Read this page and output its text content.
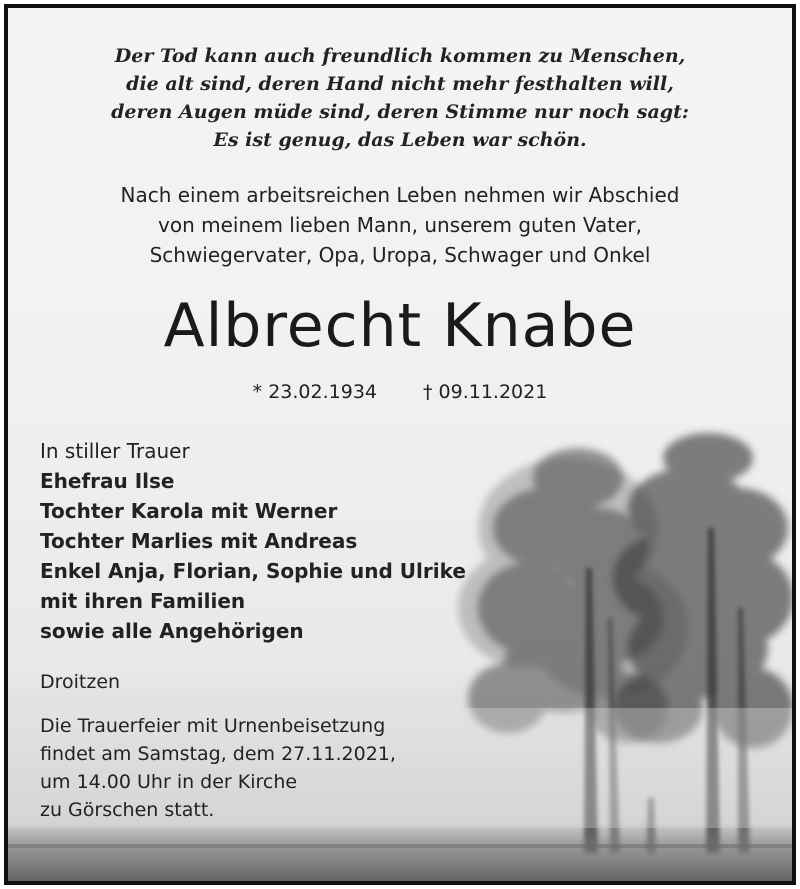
Der Tod kann auch freundlich kommen zu Menschen,
die alt sind, deren Hand nicht mehr festhalten will,
deren Augen müde sind, deren Stimme nur noch sagt:
Es ist genug, das Leben war schön.
Nach einem arbeitsreichen Leben nehmen wir Abschied
von meinem lieben Mann, unserem guten Vater,
Schwiegervater, Opa, Uropa, Schwager und Onkel
Albrecht Knabe
* 23.02.1934 † 09.11.2021
In stiller Trauer
Ehefrau Ilse
Tochter Karola mit Werner
Tochter Marlies mit Andreas
Enkel Anja, Florian, Sophie und Ulrike
mit ihren Familien
sowie alle Angehörigen
Droitzen
Die Trauerfeier mit Urnenbeisetzung
findet am Samstag, dem 27.11.2021,
um 14.00 Uhr in der Kirche
zu Görschen statt.
